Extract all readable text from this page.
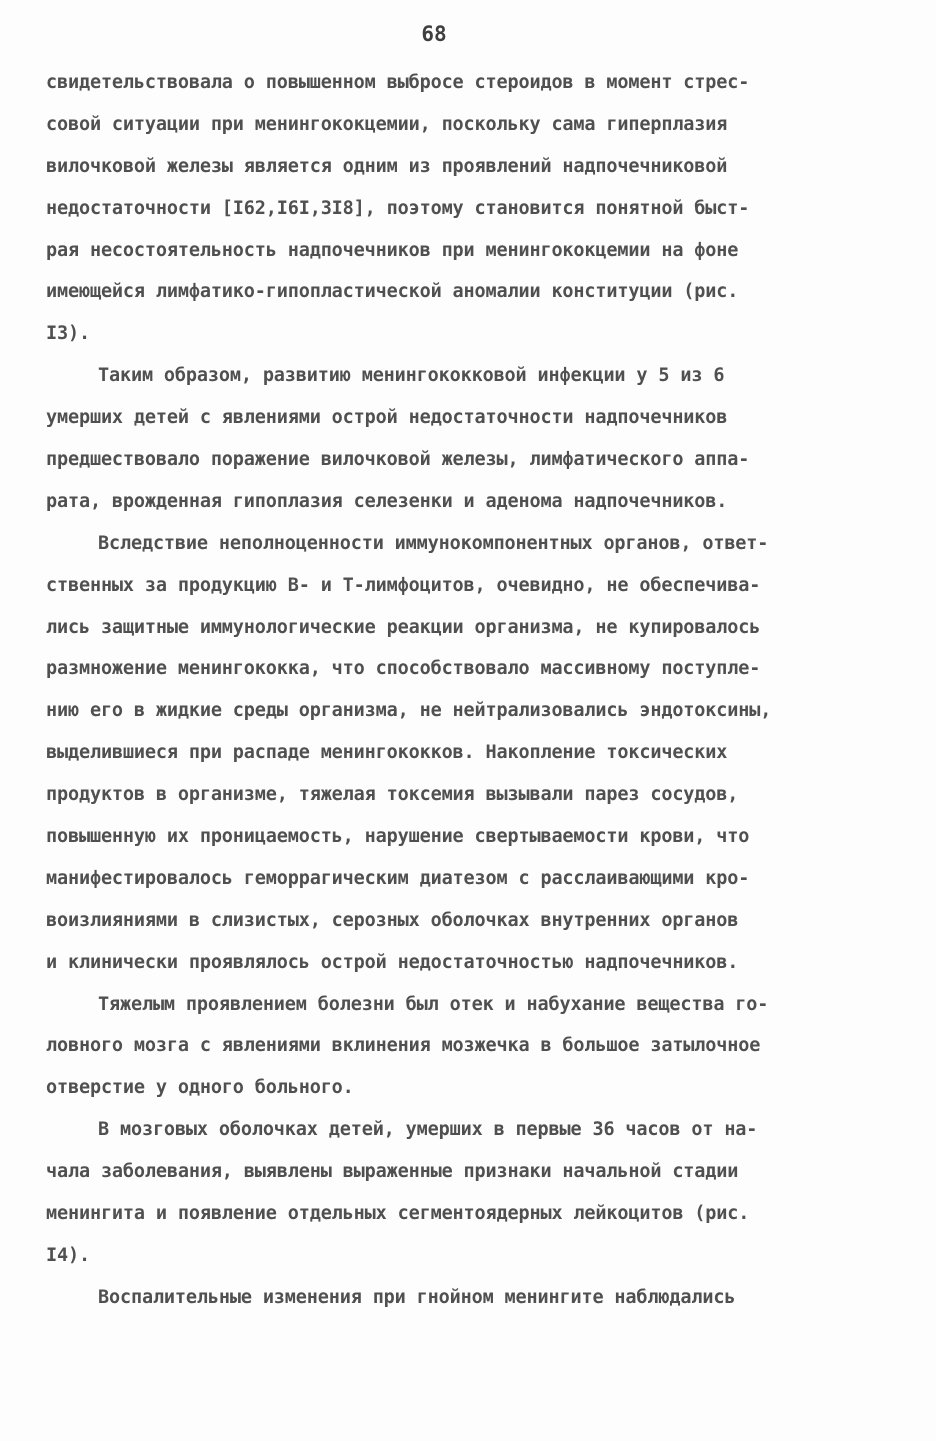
68
свидетельствовала о повышенном выбросе стероидов в момент стрес-
совой ситуации при менингококцемии, поскольку сама гиперплазия
вилочковой железы является одним из проявлений надпочечниковой
недостаточности [I62,I6I,3I8], поэтому становится понятной быст-
рая несостоятельность надпочечников при менингококцемии на фоне
имеющейся лимфатико-гипопластической аномалии конституции (рис.
I3).
Таким образом, развитию менингококковой инфекции у 5 из 6
умерших детей с явлениями острой недостаточности надпочечников
предшествовало поражение вилочковой железы, лимфатического аппа-
рата, врожденная гипоплазия селезенки и аденома надпочечников.
Вследствие неполноценности иммунокомпонентных органов, ответ-
ственных за продукцию В- и Т-лимфоцитов, очевидно, не обеспечива-
лись защитные иммунологические реакции организма, не купировалось
размножение менингококка, что способствовало массивному поступле-
нию его в жидкие среды организма, не нейтрализовались эндотоксины,
выделившиеся при распаде менингококков. Накопление токсических
продуктов в организме, тяжелая токсемия вызывали парез сосудов,
повышенную их проницаемость, нарушение свертываемости крови, что
манифестировалось геморрагическим диатезом с расслаивающими кро-
воизлияниями в слизистых, серозных оболочках внутренних органов
и клинически проявлялось острой недостаточностью надпочечников.
Тяжелым проявлением болезни был отек и набухание вещества го-
ловного мозга с явлениями вклинения мозжечка в большое затылочное
отверстие у одного больного.
В мозговых оболочках детей, умерших в первые 36 часов от на-
чала заболевания, выявлены выраженные признаки начальной стадии
менингита и появление отдельных сегментоядерных лейкоцитов (рис.
I4).
Воспалительные изменения при гнойном менингите наблюдались
